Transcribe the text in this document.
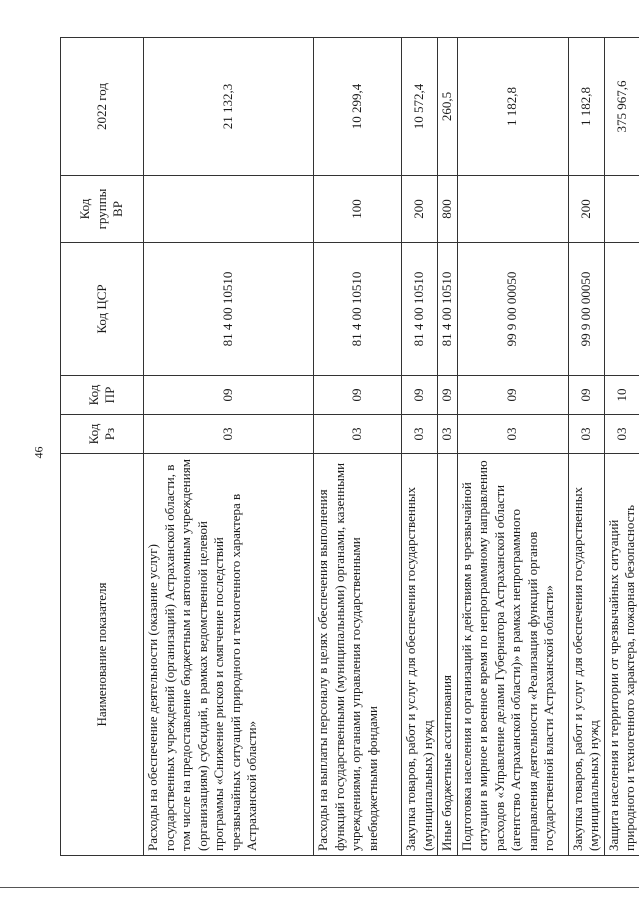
46
Наименование показателя	Код Рз	Код ПР	Код ЦСР	Код группы ВР	2022 год
Расходы на обеспечение деятельности (оказание услуг) государственных учреждений (организаций) Астраханской области, в том числе на предоставление бюджетным и автономным учреждениям (организациям) субсидий, в рамках ведомственной целевой программы «Снижение рисков и смягчение последствий чрезвычайных ситуаций природного и техногенного характера в Астраханской области»	03	09	81 4 00 10510		21 132,3
Расходы на выплаты персоналу в целях обеспечения выполнения функций государственными (муниципальными) органами, казенными учреждениями, органами управления государственными внебюджетными фондами	03	09	81 4 00 10510	100	10 299,4
Закупка товаров, работ и услуг для обеспечения государственных (муниципальных) нужд	03	09	81 4 00 10510	200	10 572,4
Иные бюджетные ассигнования	03	09	81 4 00 10510	800	260,5
Подготовка населения и организаций к действиям в чрезвычайной ситуации в мирное и военное время по непрограммному направлению расходов «Управление делами Губернатора Астраханской области (агентство Астраханской области)» в рамках непрограммного направления деятельности «Реализация функций органов государственной власти Астраханской области»	03	09	99 9 00 00050		1 182,8
Закупка товаров, работ и услуг для обеспечения государственных (муниципальных) нужд	03	09	99 9 00 00050	200	1 182,8
Защита населения и территории от чрезвычайных ситуаций природного и техногенного характера, пожарная безопасность	03	10			375 967,6
